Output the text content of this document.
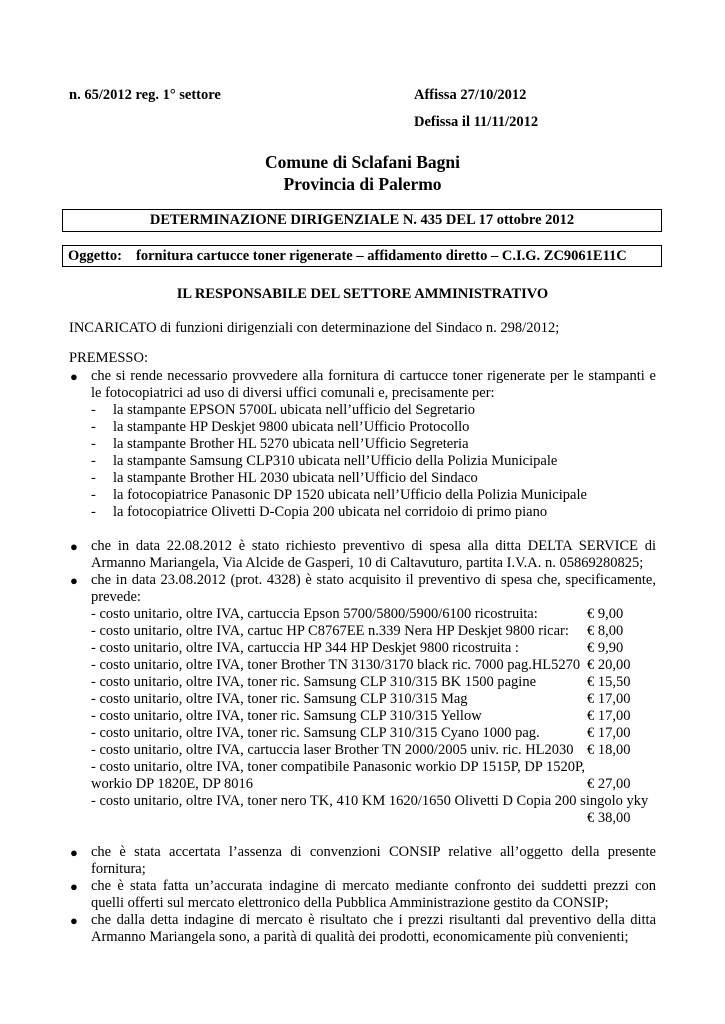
n. 65/2012 reg. 1° settore	Affissa 27/10/2012
Defissa il 11/11/2012
Comune di Sclafani Bagni
Provincia di Palermo
DETERMINAZIONE DIRIGENZIALE N. 435 DEL 17 ottobre 2012
Oggetto: fornitura cartucce toner rigenerate – affidamento diretto – C.I.G. ZC9061E11C
IL RESPONSABILE DEL SETTORE AMMINISTRATIVO
INCARICATO di funzioni dirigenziali con determinazione del Sindaco n. 298/2012;
PREMESSO:
● che si rende necessario provvedere alla fornitura di cartucce toner rigenerate per le stampanti e
le fotocopiatrici ad uso di diversi uffici comunali e, precisamente per:
- la stampante EPSON 5700L ubicata nell’ufficio del Segretario
- la stampante HP Deskjet 9800 ubicata nell’Ufficio Protocollo
- la stampante Brother HL 5270 ubicata nell’Ufficio Segreteria
- la stampante Samsung CLP310 ubicata nell’Ufficio della Polizia Municipale
- la stampante Brother HL 2030 ubicata nell’Ufficio del Sindaco
- la fotocopiatrice Panasonic DP 1520 ubicata nell’Ufficio della Polizia Municipale
- la fotocopiatrice Olivetti D-Copia 200 ubicata nel corridoio di primo piano
● che in data 22.08.2012 è stato richiesto preventivo di spesa alla ditta DELTA SERVICE di
Armanno Mariangela, Via Alcide de Gasperi, 10 di Caltavuturo, partita I.V.A. n. 05869280825;
● che in data 23.08.2012 (prot. 4328) è stato acquisito il preventivo di spesa che, specificamente,
prevede:
- costo unitario, oltre IVA, cartuccia Epson 5700/5800/5900/6100 ricostruita:	€ 9,00
- costo unitario, oltre IVA, cartuc HP C8767EE n.339 Nera HP Deskjet 9800 ricar: € 8,00
- costo unitario, oltre IVA, cartuccia HP 344 HP Deskjet 9800 ricostruita :	€ 9,90
- costo unitario, oltre IVA, toner Brother TN 3130/3170 black ric. 7000 pag.HL5270 € 20,00
- costo unitario, oltre IVA, toner ric. Samsung CLP 310/315 BK 1500 pagine	€ 15,50
- costo unitario, oltre IVA, toner ric. Samsung CLP 310/315 Mag	€ 17,00
- costo unitario, oltre IVA, toner ric. Samsung CLP 310/315 Yellow	€ 17,00
- costo unitario, oltre IVA, toner ric. Samsung CLP 310/315 Cyano 1000 pag.	€ 17,00
- costo unitario, oltre IVA, cartuccia laser Brother TN 2000/2005 univ. ric. HL2030 € 18,00
- costo unitario, oltre IVA, toner compatibile Panasonic workio DP 1515P, DP 1520P,
workio DP 1820E, DP 8016	€ 27,00
- costo unitario, oltre IVA, toner nero TK, 410 KM 1620/1650 Olivetti D Copia 200 singolo yky
€ 38,00
● che è stata accertata l’assenza di convenzioni CONSIP relative all’oggetto della presente
fornitura;
● che è stata fatta un’accurata indagine di mercato mediante confronto dei suddetti prezzi con
quelli offerti sul mercato elettronico della Pubblica Amministrazione gestito da CONSIP;
● che dalla detta indagine di mercato è risultato che i prezzi risultanti dal preventivo della ditta
Armanno Mariangela sono, a parità di qualità dei prodotti, economicamente più convenienti;
